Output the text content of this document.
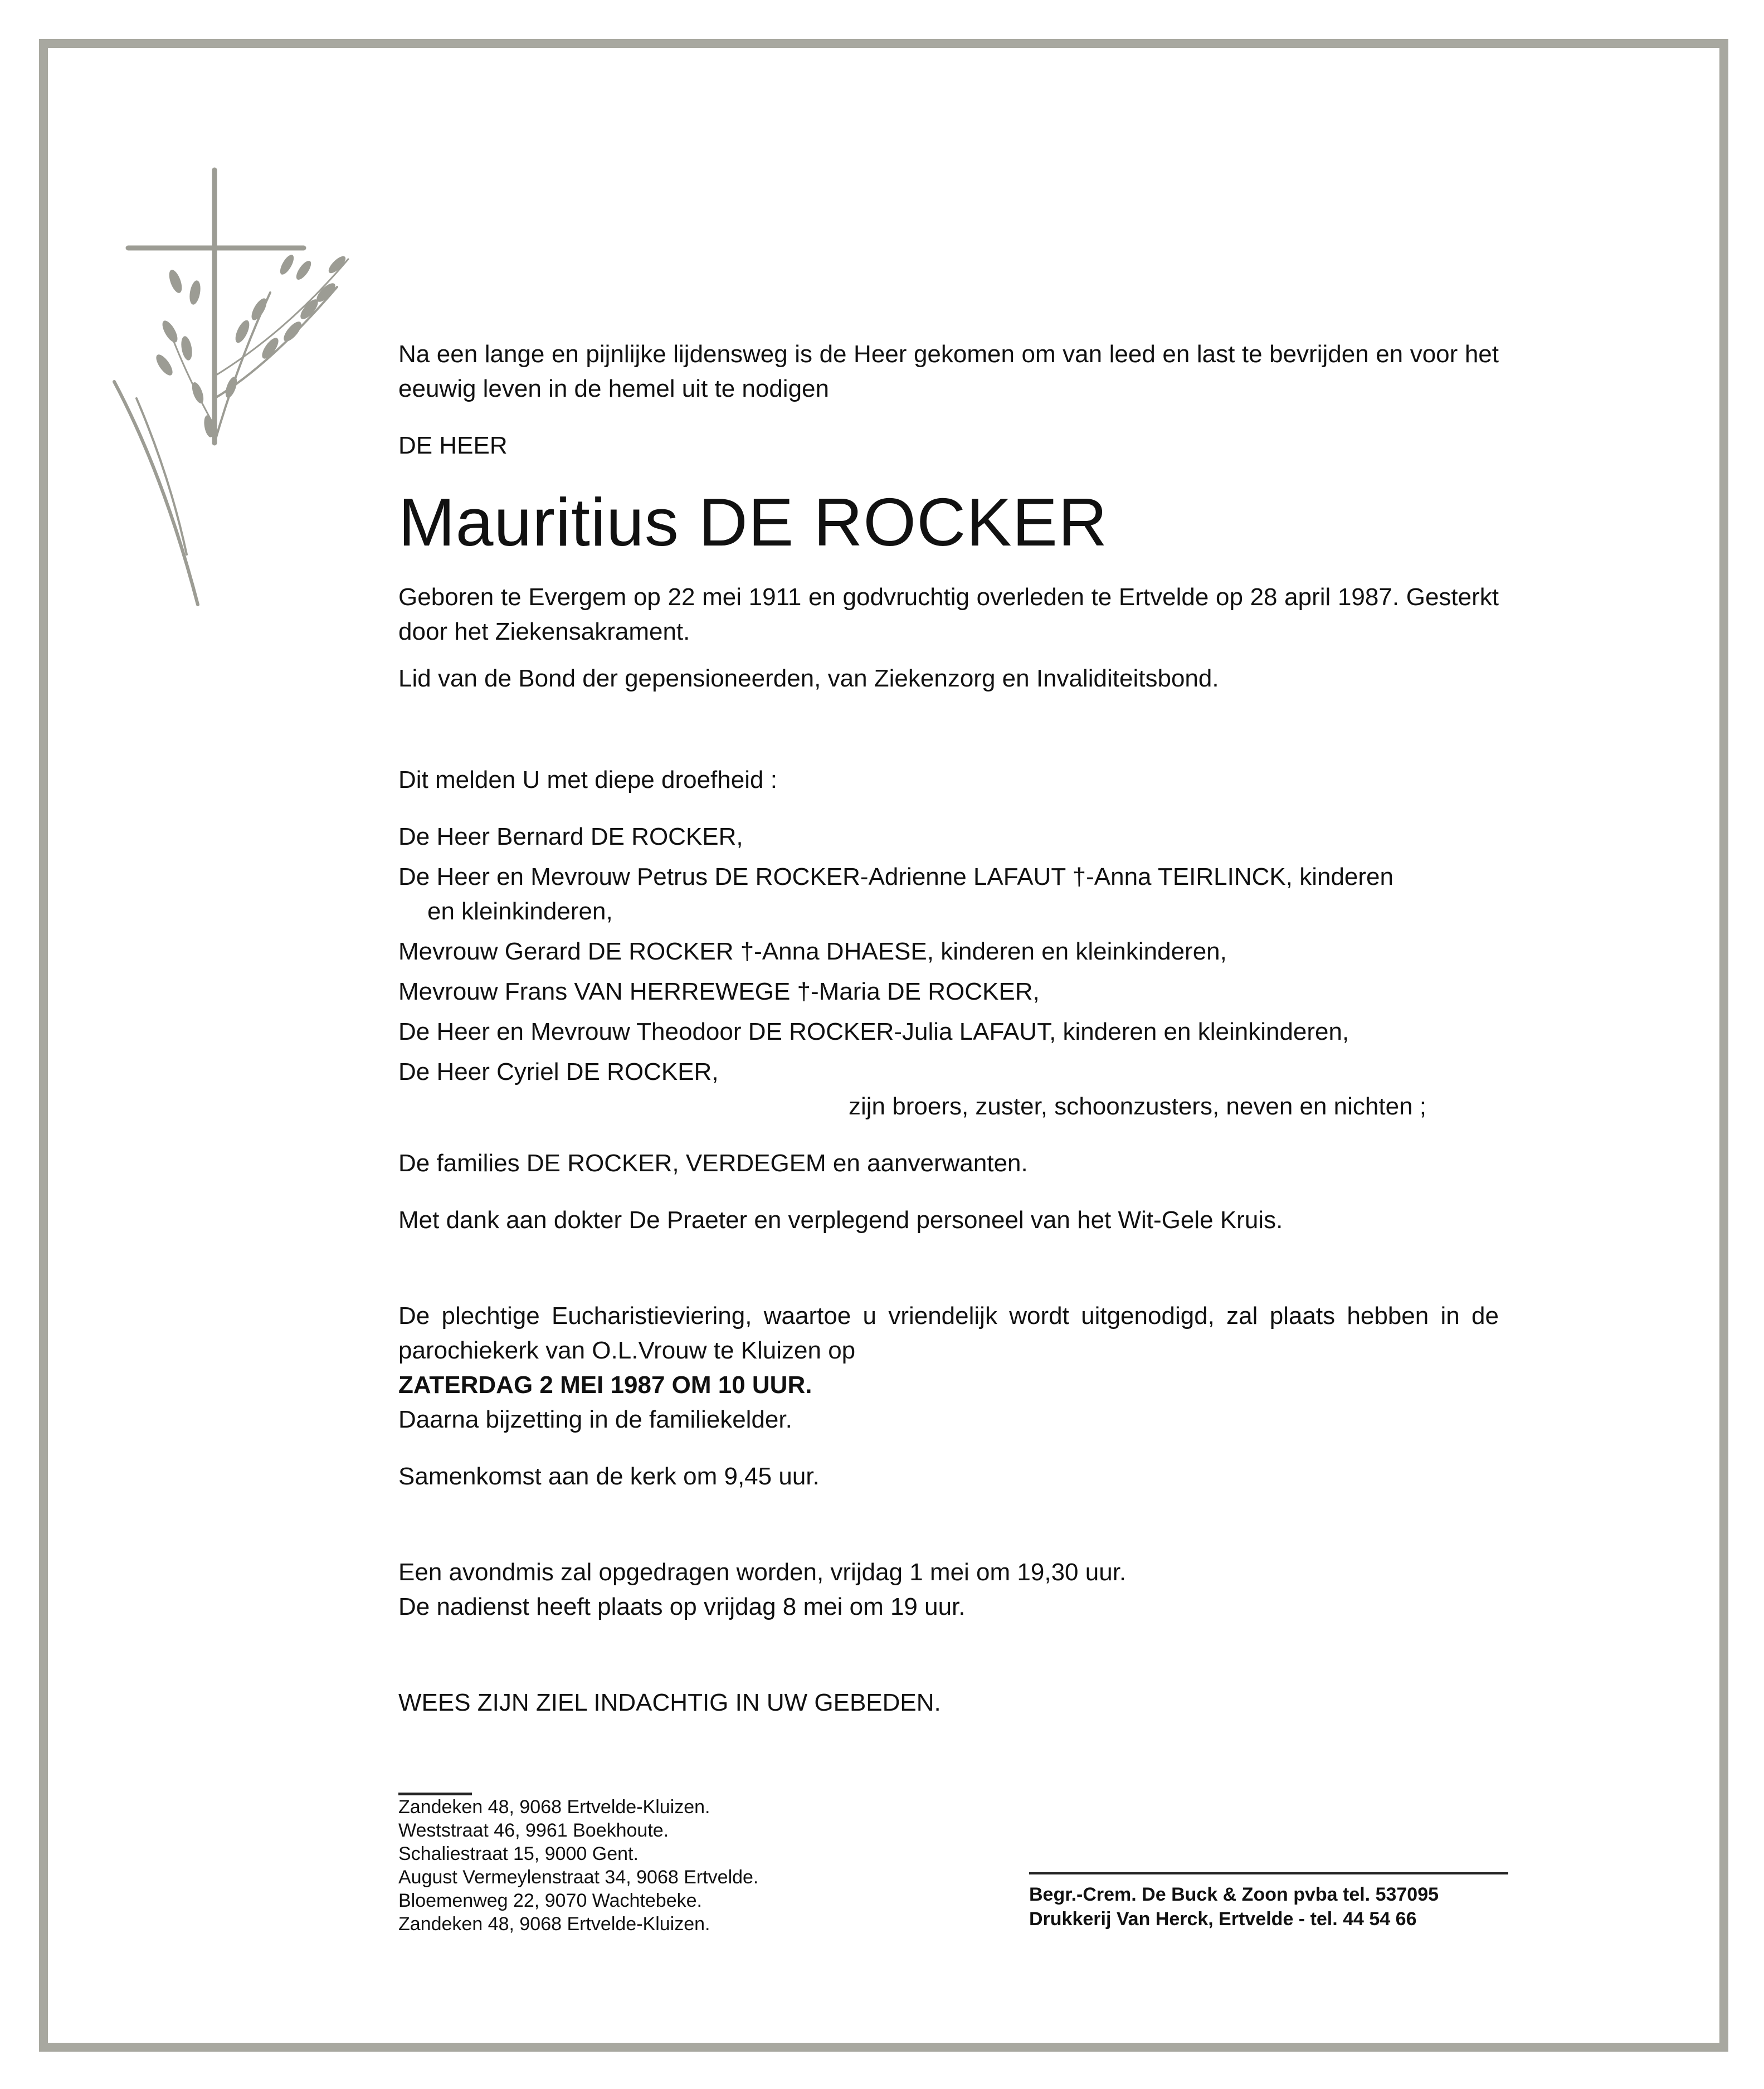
Na een lange en pijnlijke lijdensweg is de Heer gekomen om van leed en last te bevrijden en voor het eeuwig leven in de hemel uit te nodigen

DE HEER

Mauritius DE ROCKER

Geboren te Evergem op 22 mei 1911 en godvruchtig overleden te Ertvelde op 28 april 1987. Gesterkt door het Ziekensakrament.

Lid van de Bond der gepensioneerden, van Ziekenzorg en Invaliditeitsbond.

Dit melden U met diepe droefheid :

De Heer Bernard DE ROCKER,

De Heer en Mevrouw Petrus DE ROCKER-Adrienne LAFAUT †-Anna TEIRLINCK, kinderen

en kleinkinderen,

Mevrouw Gerard DE ROCKER †-Anna DHAESE, kinderen en kleinkinderen,

Mevrouw Frans VAN HERREWEGE †-Maria DE ROCKER,

De Heer en Mevrouw Theodoor DE ROCKER-Julia LAFAUT, kinderen en kleinkinderen,

De Heer Cyriel DE ROCKER,

zijn broers, zuster, schoonzusters, neven en nichten ;

De families DE ROCKER, VERDEGEM en aanverwanten.

Met dank aan dokter De Praeter en verplegend personeel van het Wit-Gele Kruis.

De plechtige Eucharistieviering, waartoe u vriendelijk wordt uitgenodigd, zal plaats hebben in de parochiekerk van O.L.Vrouw te Kluizen op

ZATERDAG 2 MEI 1987 OM 10 UUR.

Daarna bijzetting in de familiekelder.

Samenkomst aan de kerk om 9,45 uur.

Een avondmis zal opgedragen worden, vrijdag 1 mei om 19,30 uur.

De nadienst heeft plaats op vrijdag 8 mei om 19 uur.

WEES ZIJN ZIEL INDACHTIG IN UW GEBEDEN.

Zandeken 48, 9068 Ertvelde-Kluizen.
Weststraat 46, 9961 Boekhoute.
Schaliestraat 15, 9000 Gent.
August Vermeylenstraat 34, 9068 Ertvelde.
Bloemenweg 22, 9070 Wachtebeke.
Zandeken 48, 9068 Ertvelde-Kluizen.
Begr.-Crem. De Buck & Zoon pvba tel. 537095
Drukkerij Van Herck, Ertvelde - tel. 44 54 66
